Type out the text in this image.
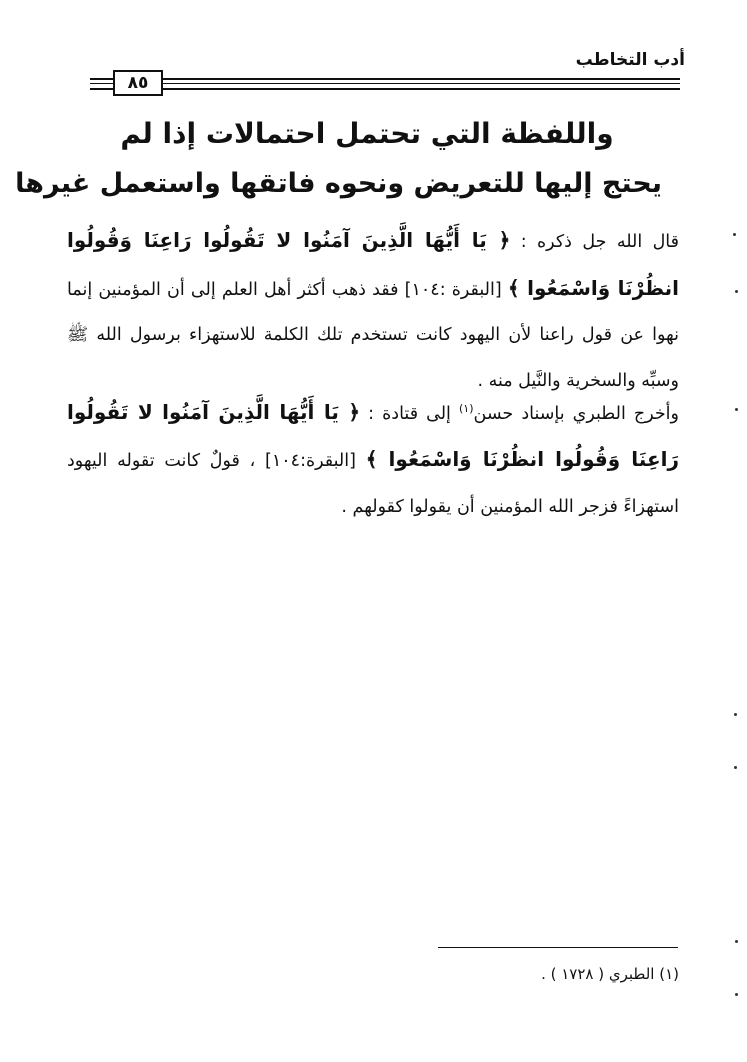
أدب التخاطب
٨٥
واللفظة التي تحتمل احتمالات إذا لم
يحتج إليها للتعريض ونحوه فاتقها واستعمل غيرها
قال الله جل ذكره : ﴿ يَا أَيُّهَا الَّذِينَ آمَنُوا لا تَقُولُوا رَاعِنَا وَقُولُوا انظُرْنَا وَاسْمَعُوا ﴾ [البقرة :١٠٤] فقد ذهب أكثر أهل العلم إلى أن المؤمنين إنما نهوا عن قول راعنا لأن اليهود كانت تستخدم تلك الكلمة للاستهزاء برسول الله ﷺ وسبِّه والسخرية والنَّيل منه .
وأخرج الطبري بإسناد حسن$^{(١)}$ إلى قتادة : ﴿ يَا أَيُّهَا الَّذِينَ آمَنُوا لا تَقُولُوا رَاعِنَا وَقُولُوا انظُرْنَا وَاسْمَعُوا ﴾ [البقرة:١٠٤] ، قولٌ كانت تقوله اليهود استهزاءً فزجر الله المؤمنين أن يقولوا كقولهم .
(١) الطبري ( ١٧٢٨ ) .
